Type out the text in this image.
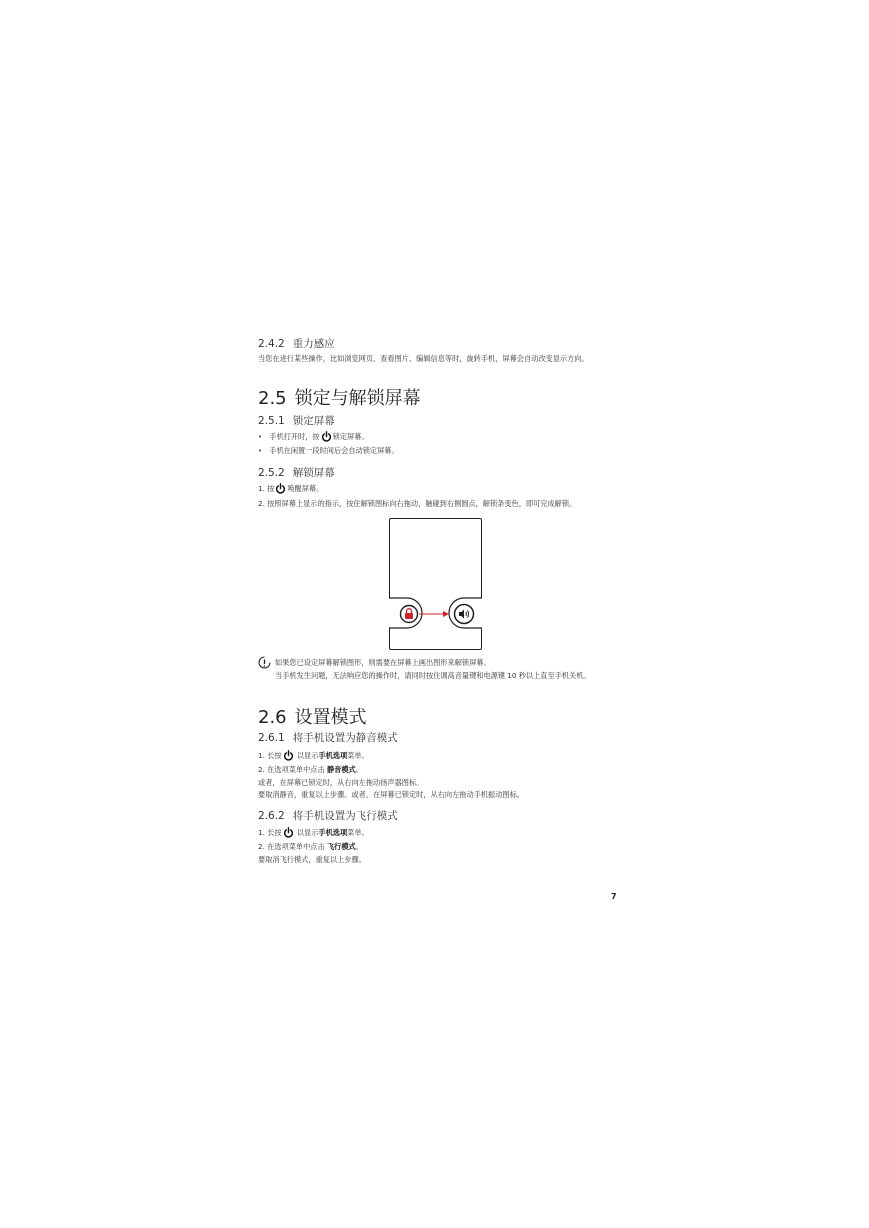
2.4.2 重力感应
当您在进行某些操作，比如浏览网页、查看图片、编辑信息等时，旋转手机，屏幕会自动改变显示方向。
2.5 锁定与解锁屏幕
2.5.1 锁定屏幕
• 手机打开时，按 锁定屏幕。
• 手机在闲置一段时间后会自动锁定屏幕。
2.5.2 解锁屏幕
1. 按 唤醒屏幕。
2. 按照屏幕上显示的指示，按住解锁图标向右拖动，触碰到右侧圆点，解锁条变色，即可完成解锁。
如果您已设定屏幕解锁图形，则需要在屏幕上画出图形来解锁屏幕。
当手机发生问题，无法响应您的操作时，请同时按住调高音量键和电源键 10 秒以上直至手机关机。
2.6 设置模式
2.6.1 将手机设置为静音模式
1. 长按 以显示手机选项菜单。
2. 在选项菜单中点击 静音模式。
或者，在屏幕已锁定时，从右向左拖动扬声器图标。
要取消静音，重复以上步骤。或者，在屏幕已锁定时，从右向左拖动手机振动图标。
2.6.2 将手机设置为飞行模式
1. 长按 以显示手机选项菜单。
2. 在选项菜单中点击 飞行模式。
要取消飞行模式，重复以上步骤。
7
